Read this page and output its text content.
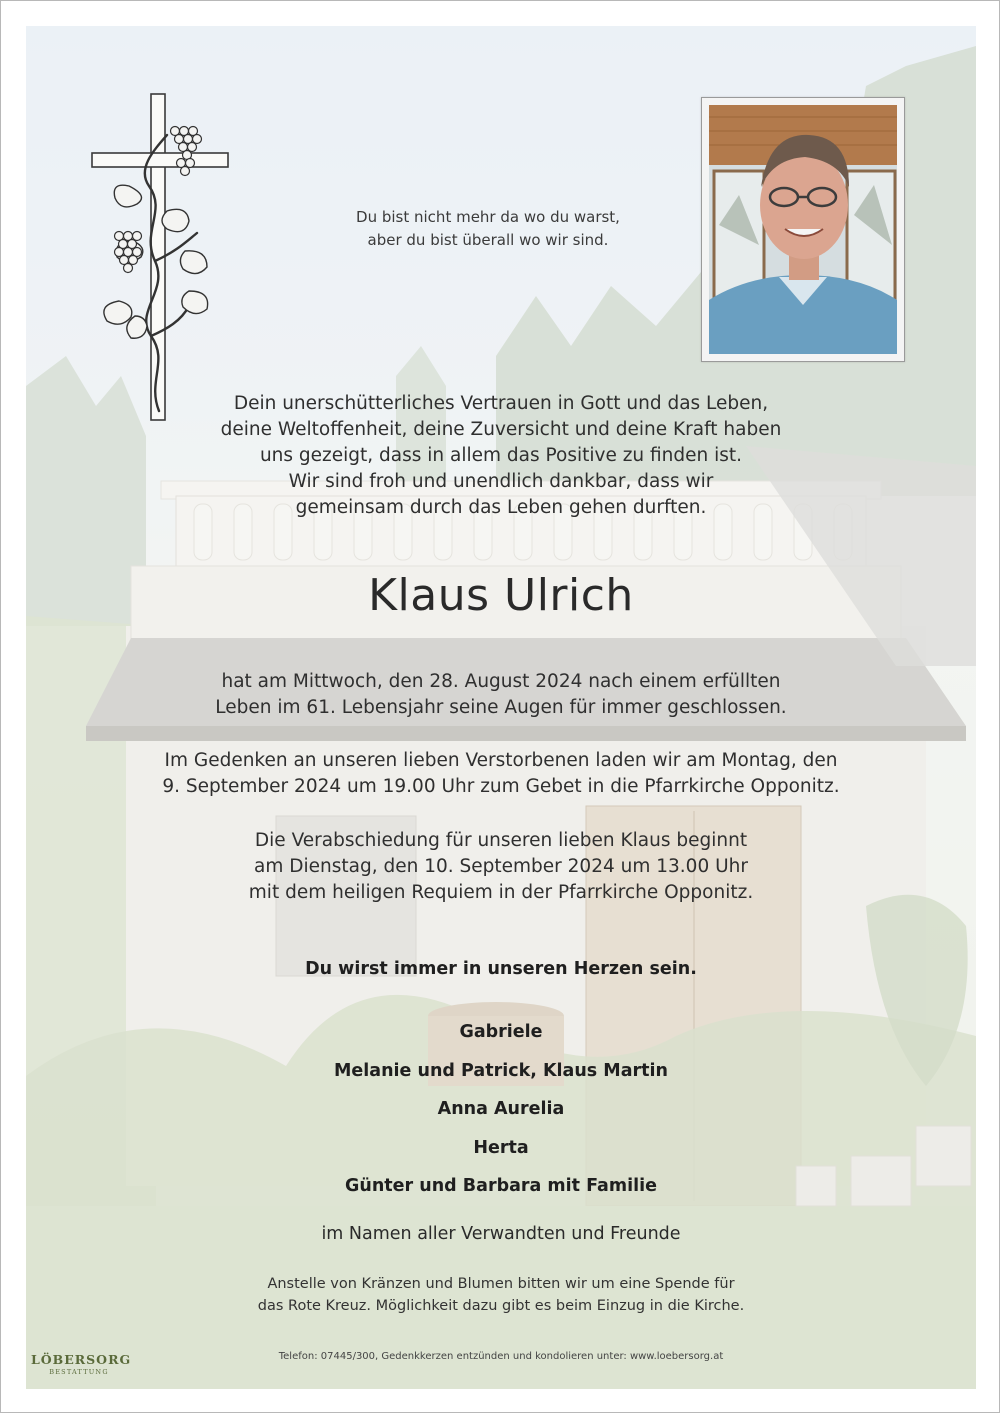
Du bist nicht mehr da wo du warst,
aber du bist überall wo wir sind.
Dein unerschütterliches Vertrauen in Gott und das Leben,
deine Weltoffenheit, deine Zuversicht und deine Kraft haben
uns gezeigt, dass in allem das Positive zu finden ist.
Wir sind froh und unendlich dankbar, dass wir
gemeinsam durch das Leben gehen durften.
Klaus Ulrich
hat am Mittwoch, den 28. August 2024 nach einem erfüllten
Leben im 61. Lebensjahr seine Augen für immer geschlossen.
Im Gedenken an unseren lieben Verstorbenen laden wir am Montag, den
9. September 2024 um 19.00 Uhr zum Gebet in die Pfarrkirche Opponitz.
Die Verabschiedung für unseren lieben Klaus beginnt
am Dienstag, den 10. September 2024 um 13.00 Uhr
mit dem heiligen Requiem in der Pfarrkirche Opponitz.
Du wirst immer in unseren Herzen sein.
Gabriele
Melanie und Patrick, Klaus Martin
Anna Aurelia
Herta
Günter und Barbara mit Familie
im Namen aller Verwandten und Freunde
Anstelle von Kränzen und Blumen bitten wir um eine Spende für
das Rote Kreuz. Möglichkeit dazu gibt es beim Einzug in die Kirche.
Telefon: 07445/300, Gedenkkerzen entzünden und kondolieren unter: www.loebersorg.at
LÖBERSORG
BESTATTUNG
